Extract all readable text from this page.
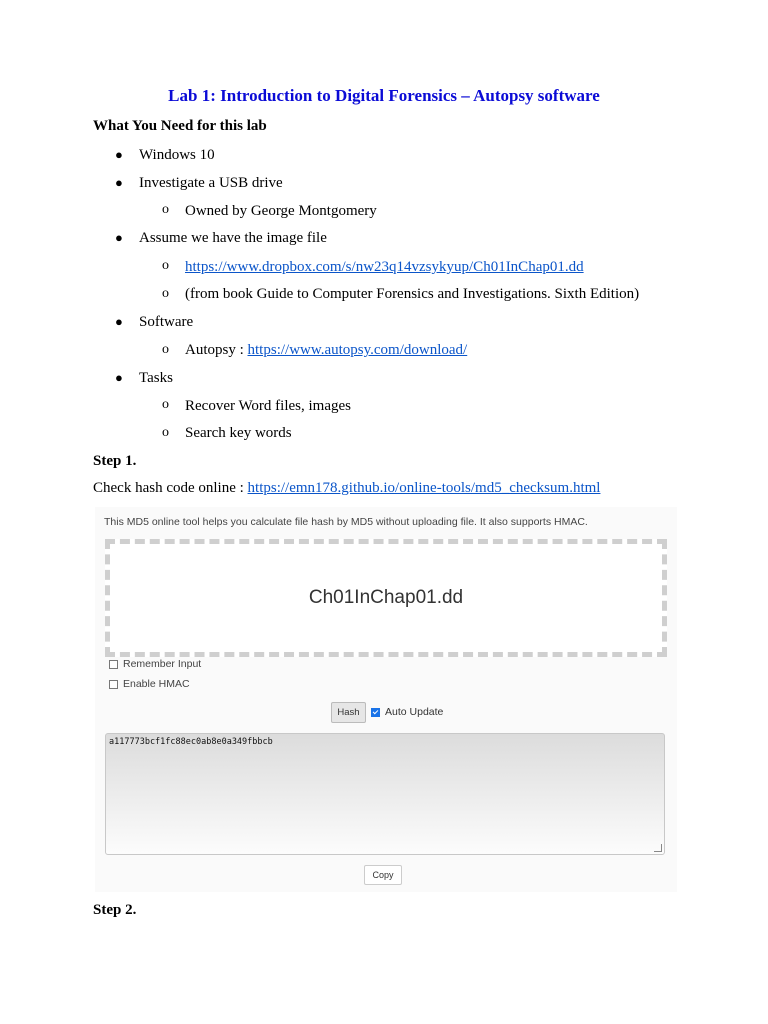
Lab 1: Introduction to Digital Forensics – Autopsy software
What You Need for this lab
● Windows 10
● Investigate a USB drive
o Owned by George Montgomery
● Assume we have the image file
o https://www.dropbox.com/s/nw23q14vzsykyup/Ch01InChap01.dd
o (from book Guide to Computer Forensics and Investigations. Sixth Edition)
● Software
o Autopsy : https://www.autopsy.com/download/
● Tasks
o Recover Word files, images
o Search key words
Step 1.
Check hash code online : https://emn178.github.io/online-tools/md5_checksum.html
This MD5 online tool helps you calculate file hash by MD5 without uploading file. It also supports HMAC.
Ch01InChap01.dd
Remember Input
Enable HMAC
Hash	Auto Update
a117773bcf1fc88ec0ab8e0a349fbbcb
Copy
Step 2.
